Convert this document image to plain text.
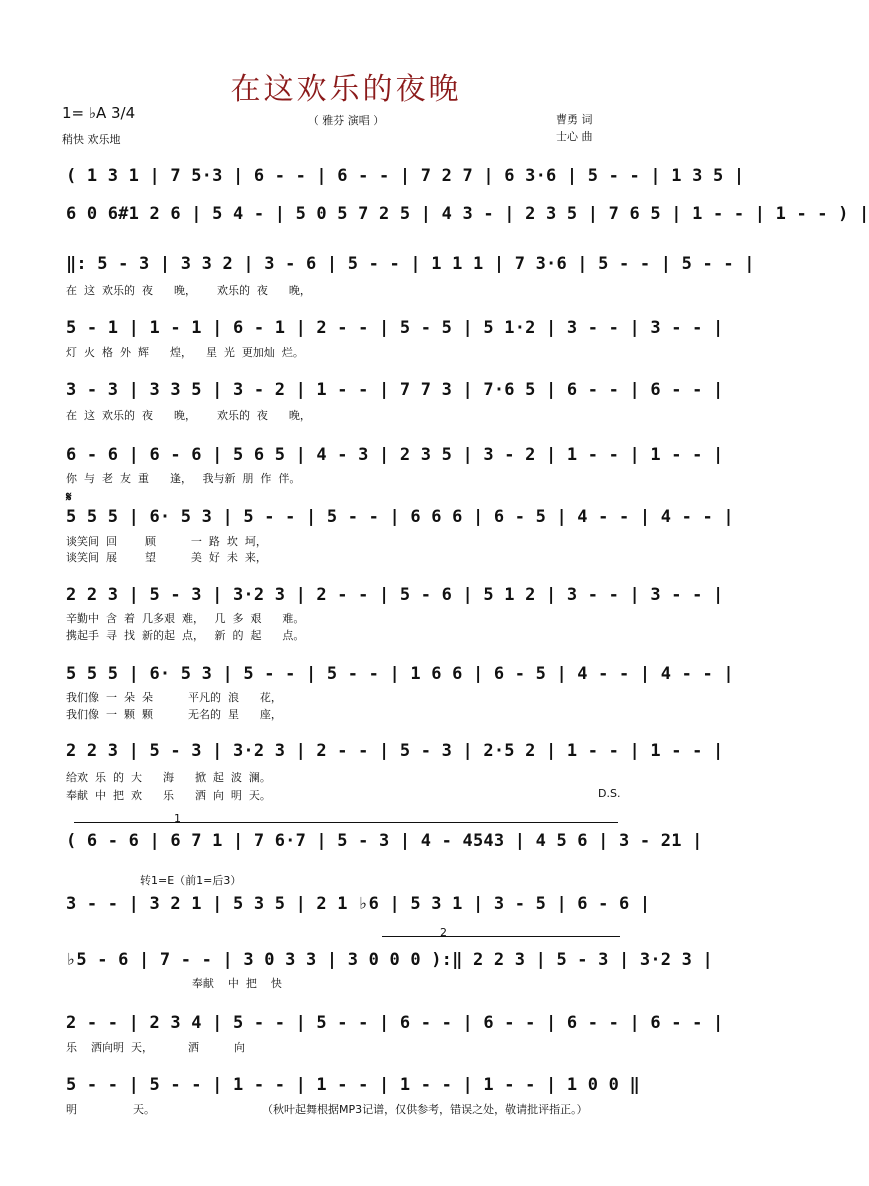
在这欢乐的夜晚
（ 雅芬 演唱 ）
1= ♭A 3/4
稍快 欢乐地
曹勇 词
士心 曲
( 1 3 1 | 7 5·3 | 6 - - | 6 - - | 7 2 7 | 6 3·6 | 5 - - | 1 3 5 |
6 0 6#1 2 6 | 5 4 - | 5 0 5 7 2 5 | 4 3 - | 2 3 5 | 7 6 5 | 1 - - | 1 - - ) |
‖: 5 - 3 | 3 3 2 | 3 - 6 | 5 - - | 1 1 1 | 7 3·6 | 5 - - | 5 - - |
在  这  欢乐的  夜      晚，      欢乐的  夜      晚，
5 - 1 | 1 - 1 | 6 - 1 | 2 - - | 5 - 5 | 5 1·2 | 3 - - | 3 - - |
灯  火  格  外  辉      煌，    星  光  更加灿  烂。
3 - 3 | 3 3 5 | 3 - 2 | 1 - - | 7 7 3 | 7·6 5 | 6 - - | 6 - - |
在  这  欢乐的  夜      晚，      欢乐的  夜      晚，
6 - 6 | 6 - 6 | 5 6 5 | 4 - 3 | 2 3 5 | 3 - 2 | 1 - - | 1 - - |
你  与  老  友  重      逢，   我与新  朋  作  伴。
𝄋
5 5 5 | 6· 5 3 | 5 - - | 5 - - | 6 6 6 | 6 - 5 | 4 - - | 4 - - |
谈笑间  回        顾          一  路  坎  坷，
谈笑间  展        望          美  好  未  来，
2 2 3 | 5 - 3 | 3·2 3 | 2 - - | 5 - 6 | 5 1 2 | 3 - - | 3 - - |
辛勤中  含  着  几多艰  难，   几  多  艰      难。
携起手  寻  找  新的起  点，   新  的  起      点。
5 5 5 | 6· 5 3 | 5 - - | 5 - - | 1 6 6 | 6 - 5 | 4 - - | 4 - - |
我们像  一  朵  朵          平凡的  浪      花，
我们像  一  颗  颗          无名的  星      座，
2 2 3 | 5 - 3 | 3·2 3 | 2 - - | 5 - 3 | 2·5 2 | 1 - - | 1 - - |
给欢  乐  的  大      海      掀  起  波  澜。
奉献  中  把  欢      乐      洒  向  明  天。	D.S.
1
( 6 - 6 | 6 7 1 | 7 6·7 | 5 - 3 | 4 - 4543 | 4 5 6 | 3 - 21 |
转1=E（前1=后3）
3 - - | 3 2 1 | 5 3 5 | 2 1 ♭6 | 5 3 1 | 3 - 5 | 6 - 6 |
2
♭5 - 6 | 7 - - | 3 0 3 3 | 3 0 0 0 ):‖ 2 2 3 | 5 - 3 | 3·2 3 |
奉献    中  把    快
2 - - | 2 3 4 | 5 - - | 5 - - | 6 - - | 6 - - | 6 - - | 6 - - |
乐    洒向明  天，          洒          向
5 - - | 5 - - | 1 - - | 1 - - | 1 - - | 1 - - | 1 0 0 ‖
明                天。	（秋叶起舞根据MP3记谱，仅供参考，错误之处，敬请批评指正。）
